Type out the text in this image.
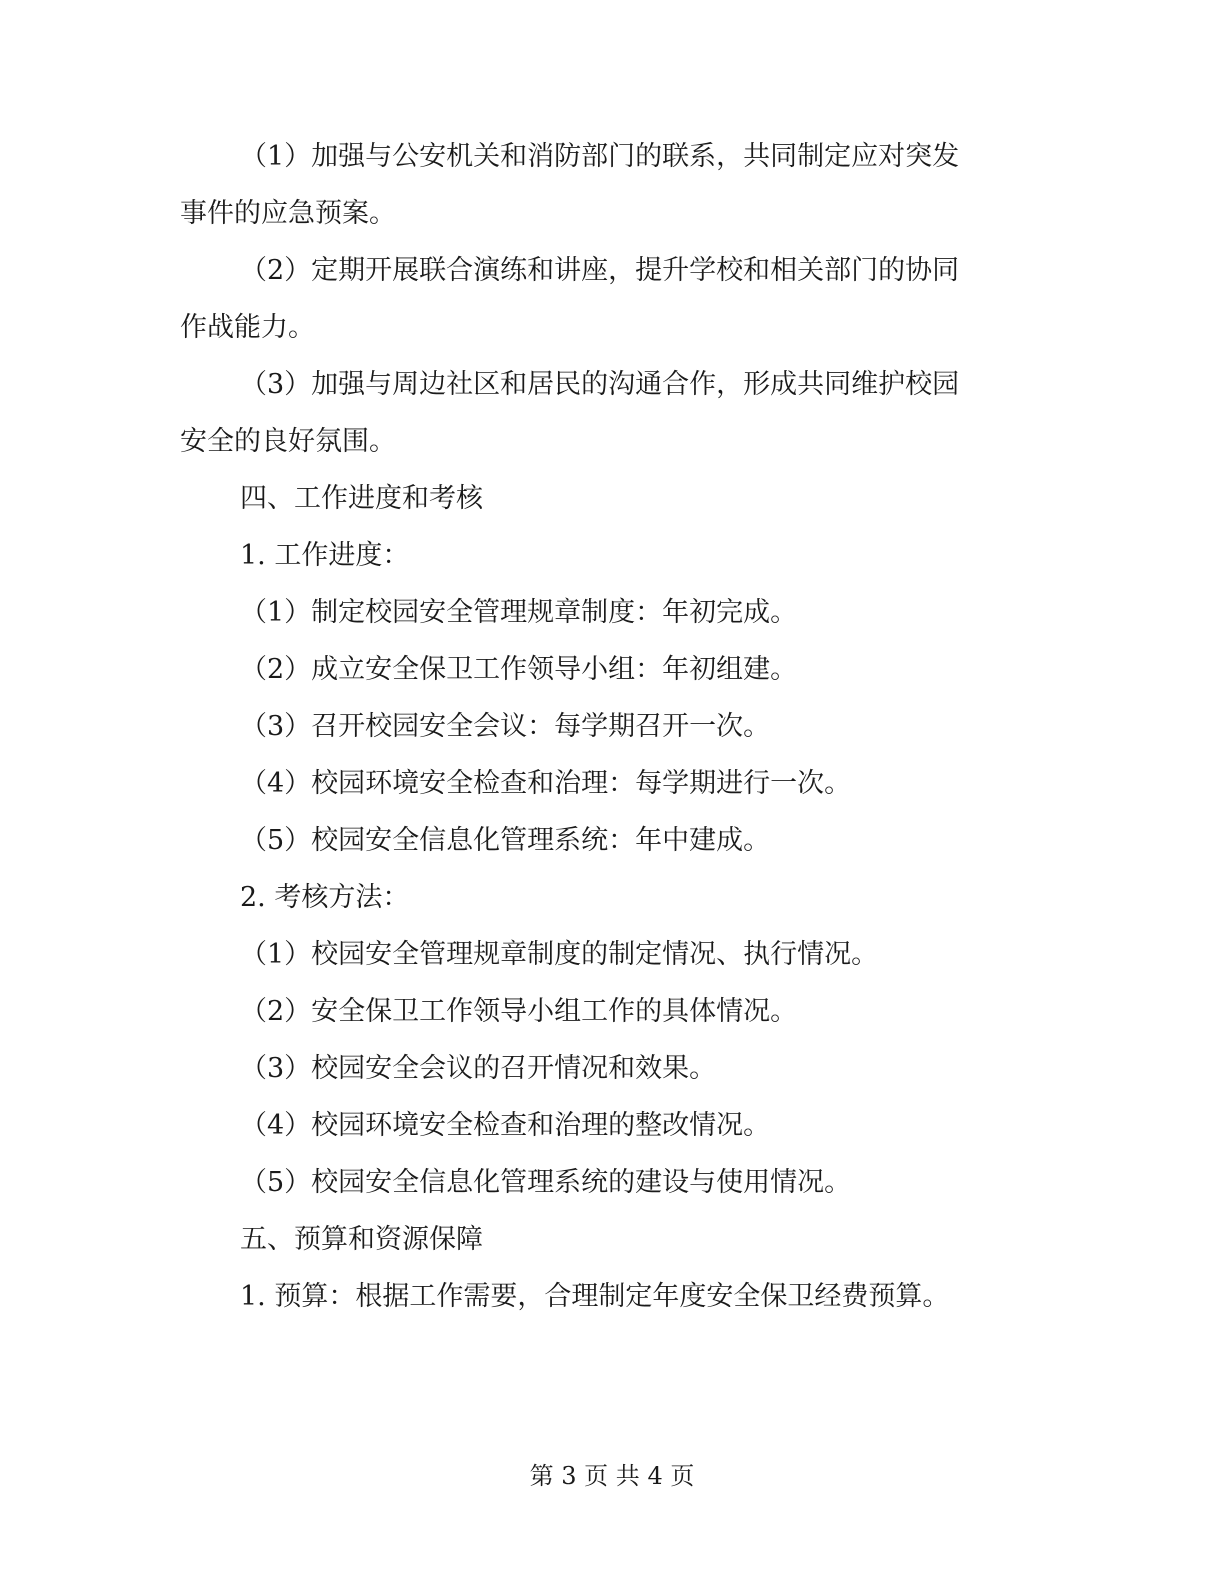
（1）加强与公安机关和消防部门的联系，共同制定应对突发

事件的应急预案。

（2）定期开展联合演练和讲座，提升学校和相关部门的协同

作战能力。

（3）加强与周边社区和居民的沟通合作，形成共同维护校园

安全的良好氛围。

四、工作进度和考核

1. 工作进度：

（1）制定校园安全管理规章制度：年初完成。

（2）成立安全保卫工作领导小组：年初组建。

（3）召开校园安全会议：每学期召开一次。

（4）校园环境安全检查和治理：每学期进行一次。

（5）校园安全信息化管理系统：年中建成。

2. 考核方法：

（1）校园安全管理规章制度的制定情况、执行情况。

（2）安全保卫工作领导小组工作的具体情况。

（3）校园安全会议的召开情况和效果。

（4）校园环境安全检查和治理的整改情况。

（5）校园安全信息化管理系统的建设与使用情况。

五、预算和资源保障

1. 预算：根据工作需要，合理制定年度安全保卫经费预算。

第 3 页 共 4 页
